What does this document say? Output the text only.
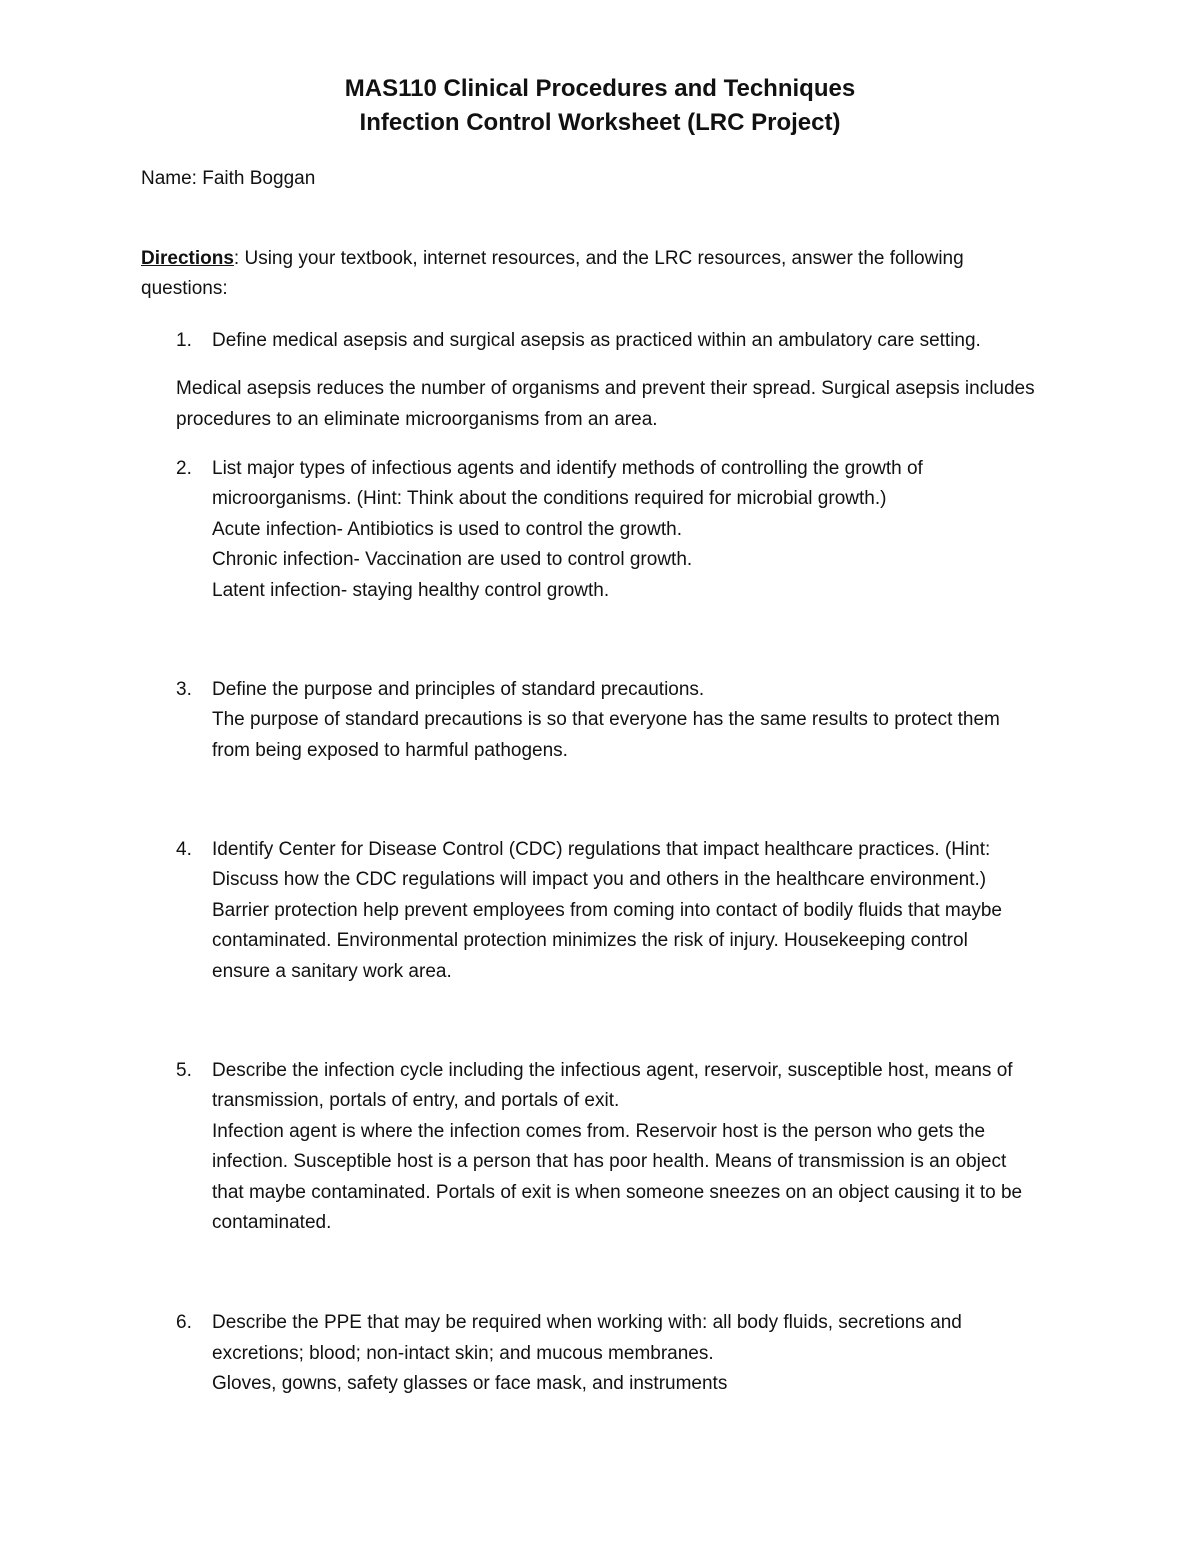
MAS110 Clinical Procedures and Techniques
Infection Control Worksheet (LRC Project)

Name: Faith Boggan

Directions: Using your textbook, internet resources, and the LRC resources, answer the following

questions:

1. Define medical asepsis and surgical asepsis as practiced within an ambulatory care setting.

Medical asepsis reduces the number of organisms and prevent their spread. Surgical asepsis includes

procedures to an eliminate microorganisms from an area.

2. List major types of infectious agents and identify methods of controlling the growth of

microorganisms. (Hint: Think about the conditions required for microbial growth.)

Acute infection- Antibiotics is used to control the growth.

Chronic infection- Vaccination are used to control growth.

Latent infection- staying healthy control growth.

3. Define the purpose and principles of standard precautions.

The purpose of standard precautions is so that everyone has the same results to protect them

from being exposed to harmful pathogens.

4. Identify Center for Disease Control (CDC) regulations that impact healthcare practices. (Hint:

Discuss how the CDC regulations will impact you and others in the healthcare environment.)

Barrier protection help prevent employees from coming into contact of bodily fluids that maybe

contaminated. Environmental protection minimizes the risk of injury. Housekeeping control

ensure a sanitary work area.

5. Describe the infection cycle including the infectious agent, reservoir, susceptible host, means of

transmission, portals of entry, and portals of exit.

Infection agent is where the infection comes from. Reservoir host is the person who gets the

infection. Susceptible host is a person that has poor health. Means of transmission is an object

that maybe contaminated. Portals of exit is when someone sneezes on an object causing it to be

contaminated.

6. Describe the PPE that may be required when working with: all body fluids, secretions and

excretions; blood; non-intact skin; and mucous membranes.

Gloves, gowns, safety glasses or face mask, and instruments
